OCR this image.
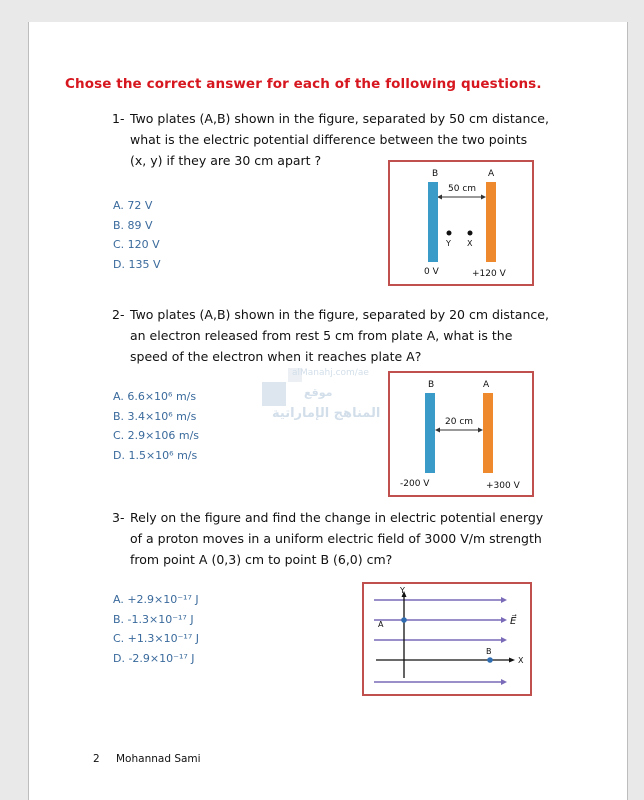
Chose the correct answer for each of the following questions.
1- Two plates (A,B) shown in the figure, separated by 50 cm distance,
what is the electric potential difference between the two points
(x, y) if they are 30 cm apart ?
A. 72 V
B. 89 V
C. 120 V
D. 135 V
B	A
50 cm
Y X
0 V	+120 V
2- Two plates (A,B) shown in the figure, separated by 20 cm distance,
an electron released from rest 5 cm from plate A, what is the
speed of the electron when it reaches plate A?
A. 6.6×10⁶ m/s
B. 3.4×10⁶ m/s
C. 2.9×106 m/s
D. 1.5×10⁶ m/s
B	A
20 cm
-200 V	+300 V
alManahj.com/ae
موقع
المناهج الإماراتية
3- Rely on the figure and find the change in electric potential energy
of a proton moves in a uniform electric field of 3000 V/m strength
from point A (0,3) cm to point B (6,0) cm?
A. +2.9×10⁻¹⁷ J
B. -1.3×10⁻¹⁷ J
C. +1.3×10⁻¹⁷ J
D. -2.9×10⁻¹⁷ J
Y
X
A
B
E⃗
2 Mohannad Sami
